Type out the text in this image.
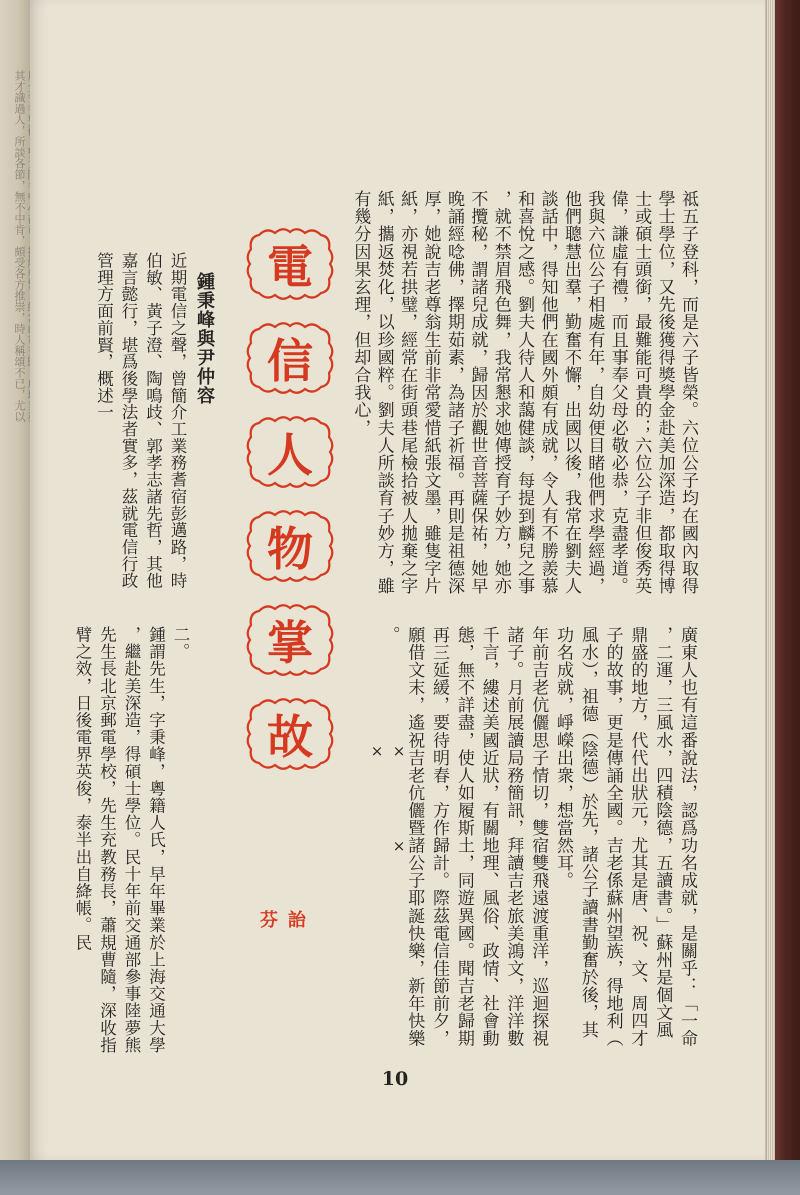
其才識過人，所談各節，無不中肯，頗受各方推崇，時人稱頌不已，尤以	祗五子登科，而是六子皆榮。六位公子均在國內取得學士學位，又先後獲得獎學金赴美加深造，都取得博士或碩士頭銜，最難能可貴的；六位公子非但俊秀英偉，謙虛有禮，而且事奉父母必敬必恭，克盡孝道。我與六位公子相處有年，自幼便目睹他們求學經過，他們聰慧出羣，勤奮不懈，出國以後，我常在劉夫人談話中，得知他們在國外頗有成就，令人有不勝羨慕和喜悅之感。劉夫人待人和藹健談，每提到麟兒之事，就不禁眉飛色舞，我常懇求她傳授育子妙方，她亦不攬秘，謂諸兒成就，歸因於觀世音菩薩保祐，她早晚誦經唸佛，擇期茹素，為諸子祈福。再則是祖德深厚，她說吉老尊翁生前非常愛惜紙張文墨，雖隻字片紙，亦視若拱璧，經常在街頭巷尾檢拾被人拋棄之字紙，攜返焚化，以珍國粹。劉夫人所談育子妙方，雖有幾分因果玄理，但却合我心，

廣東人也有這番說法，認爲功名成就，是關乎：「一命，二運，三風水，四積陰德，五讀書。」蘇州是個文風鼎盛的地方，代代出狀元，尤其是唐、祝、文、周四才子的故事，更是傳誦全國。吉老係蘇州望族，得地利（風水），祖德（陰德）於先，諸公子讀書勤奮於後，其功名成就，崢嶸出衆，想當然耳。
年前吉老伉儷思子情切，雙宿雙飛遠渡重洋，巡迴探視諸子。月前展讀局務簡訊，拜讀吉老旅美鴻文，洋洋數千言，縷述美國近狀，有關地理、風俗、政情、社會動態，無不詳盡，使人如履斯土，同遊異國。聞吉老歸期再三延緩，要待明春，方作歸計。際茲電信佳節前夕，願借文末，遙祝吉老伉儷暨諸公子耶誕快樂，新年快樂。

電
信
人
物
掌
故

× × ×

詒 芬

鍾秉峰與尹仲容

近期電信之聲，曾簡介工業務耆宿彭邁路，時伯敏、黃子澄、陶鳴歧、郭孝志諸先哲，其他嘉言懿行，堪爲後學法者實多，茲就電信行政管理方面前賢，概述一

二。
鍾謂先生，字秉峰，粵籍人氏，早年畢業於上海交通大學，繼赴美深造，得碩士學位。民十年前交通部參事陸夢熊先生長北京郵電學校，先生充教務長，蕭規曹隨，深收指臂之效，日後電界英俊，泰半出自絳帳。民

10
